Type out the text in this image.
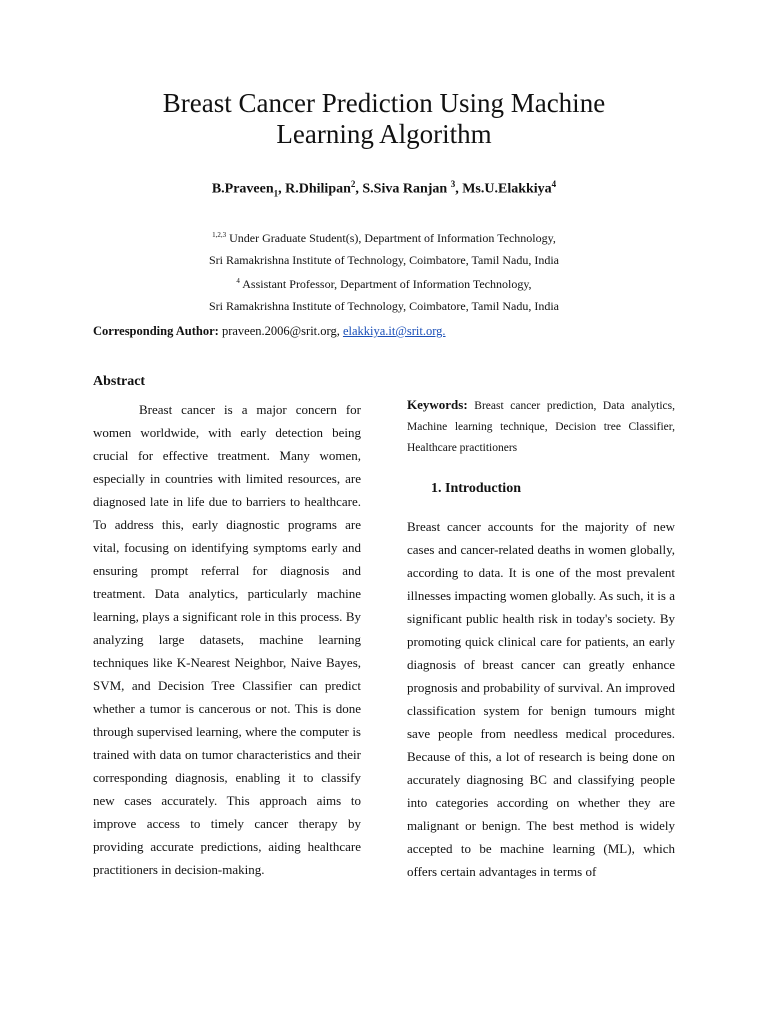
Breast Cancer Prediction Using Machine
Learning Algorithm
B.Praveen$_1$, R.Dhilipan$^2$, S.Siva Ranjan $^3$, Ms.U.Elakkiya$^4$
$^{1,2,3}$ Under Graduate Student(s), Department of Information Technology,
Sri Ramakrishna Institute of Technology, Coimbatore, Tamil Nadu, India
$^4$ Assistant Professor, Department of Information Technology,
Sri Ramakrishna Institute of Technology, Coimbatore, Tamil Nadu, India
Corresponding Author: praveen.2006@srit.org, elakkiya.it@srit.org.
Abstract

Breast cancer is a major concern for women worldwide, with early detection being crucial for effective treatment. Many women, especially in countries with limited resources, are diagnosed late in life due to barriers to healthcare. To address this, early diagnostic programs are vital, focusing on identifying symptoms early and ensuring prompt referral for diagnosis and treatment. Data analytics, particularly machine learning, plays a significant role in this process. By analyzing large datasets, machine learning techniques like K-Nearest Neighbor, Naive Bayes, SVM, and Decision Tree Classifier can predict whether a tumor is cancerous or not. This is done through supervised learning, where the computer is trained with data on tumor characteristics and their corresponding diagnosis, enabling it to classify new cases accurately. This approach aims to improve access to timely cancer therapy by providing accurate predictions, aiding healthcare practitioners in decision-making.

Keywords: Breast cancer prediction, Data analytics, Machine learning technique, Decision tree Classifier, Healthcare practitioners

1. Introduction

Breast cancer accounts for the majority of new cases and cancer-related deaths in women globally, according to data. It is one of the most prevalent illnesses impacting women globally. As such, it is a significant public health risk in today's society. By promoting quick clinical care for patients, an early diagnosis of breast cancer can greatly enhance prognosis and probability of survival. An improved classification system for benign tumours might save people from needless medical procedures. Because of this, a lot of research is being done on accurately diagnosing BC and classifying people into categories according on whether they are malignant or benign. The best method is widely accepted to be machine learning (ML), which offers certain advantages in terms of
